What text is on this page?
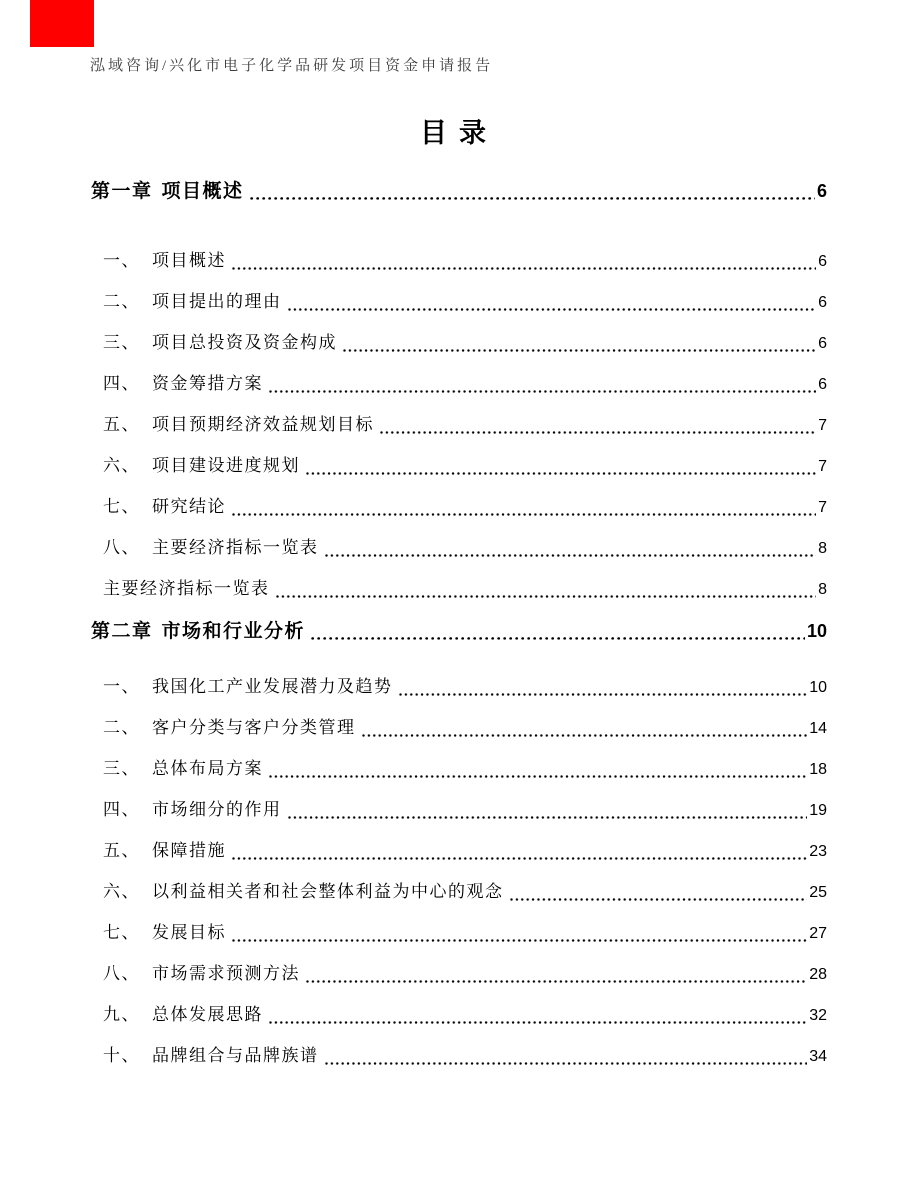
泓域咨询/兴化市电子化学品研发项目资金申请报告
目录
第一章 项目概述	6
一、 项目概述	6
二、 项目提出的理由	6
三、 项目总投资及资金构成	6
四、 资金筹措方案	6
五、 项目预期经济效益规划目标	7
六、 项目建设进度规划	7
七、 研究结论	7
八、 主要经济指标一览表	8
主要经济指标一览表	8
第二章 市场和行业分析	10
一、 我国化工产业发展潜力及趋势	10
二、 客户分类与客户分类管理	14
三、 总体布局方案	18
四、 市场细分的作用	19
五、 保障措施	23
六、 以利益相关者和社会整体利益为中心的观念	25
七、 发展目标	27
八、 市场需求预测方法	28
九、 总体发展思路	32
十、 品牌组合与品牌族谱	34
